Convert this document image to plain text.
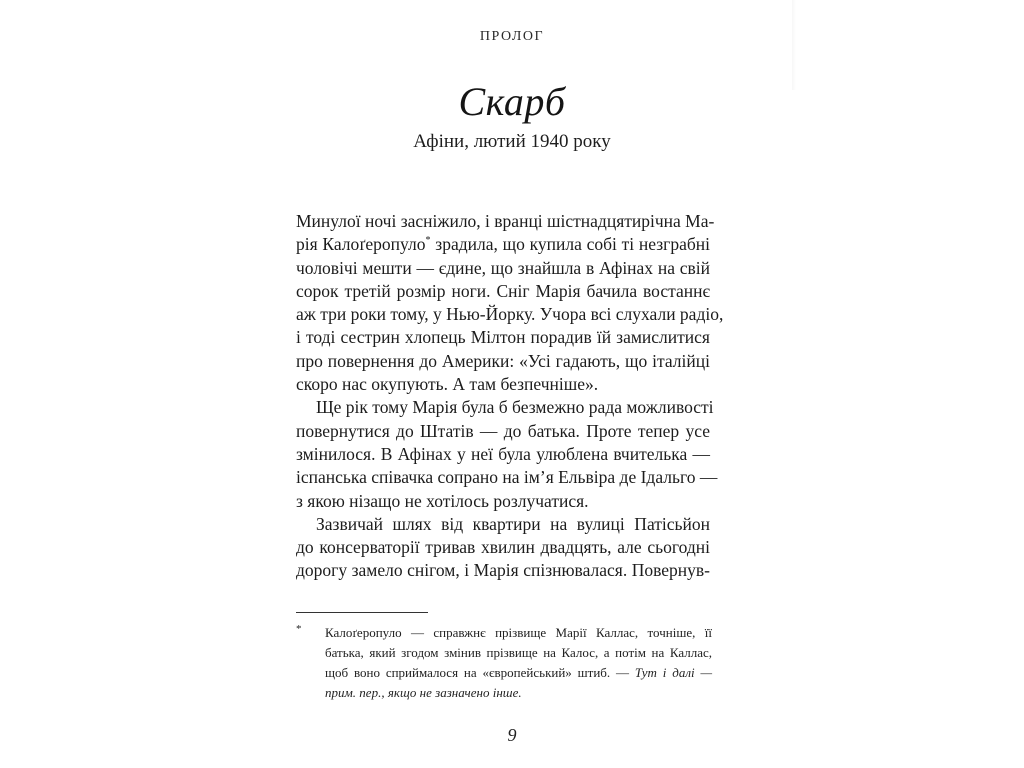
ПРОЛОГ
Скарб
Афіни, лютий 1940 року

Минулої ночі засніжило, і вранці шістнадцятирічна Ма-
рія Калоґеропуло* зрадила, що купила собі ті незграбні
чоловічі мешти — єдине, що знайшла в Афінах на свій
сорок третій розмір ноги. Сніг Марія бачила востаннє
аж три роки тому, у Нью-Йорку. Учора всі слухали радіо,
і тоді сестрин хлопець Мілтон порадив їй замислитися
про повернення до Америки: «Усі гадають, що італійці
скоро нас окупують. А там безпечніше».

Ще рік тому Марія була б безмежно рада можливості
повернутися до Штатів — до батька. Проте тепер усе
змінилося. В Афінах у неї була улюблена вчителька —
іспанська співачка сопрано на ім’я Ельвіра де Ідальго —
з якою нізащо не хотілось розлучатися.

Зазвичай шлях від квартири на вулиці Патісьйон
до консерваторії тривав хвилин двадцять, але сьогодні
дорогу замело снігом, і Марія спізнювалася. Повернув-

* Калоґеропуло — справжнє прізвище Марії Каллас, точніше, її
батька, який згодом змінив прізвище на Калос, а потім на Каллас,
щоб воно сприймалося на «європейський» штиб. — Тут і далі —
прим. пер., якщо не зазначено інше.
9
